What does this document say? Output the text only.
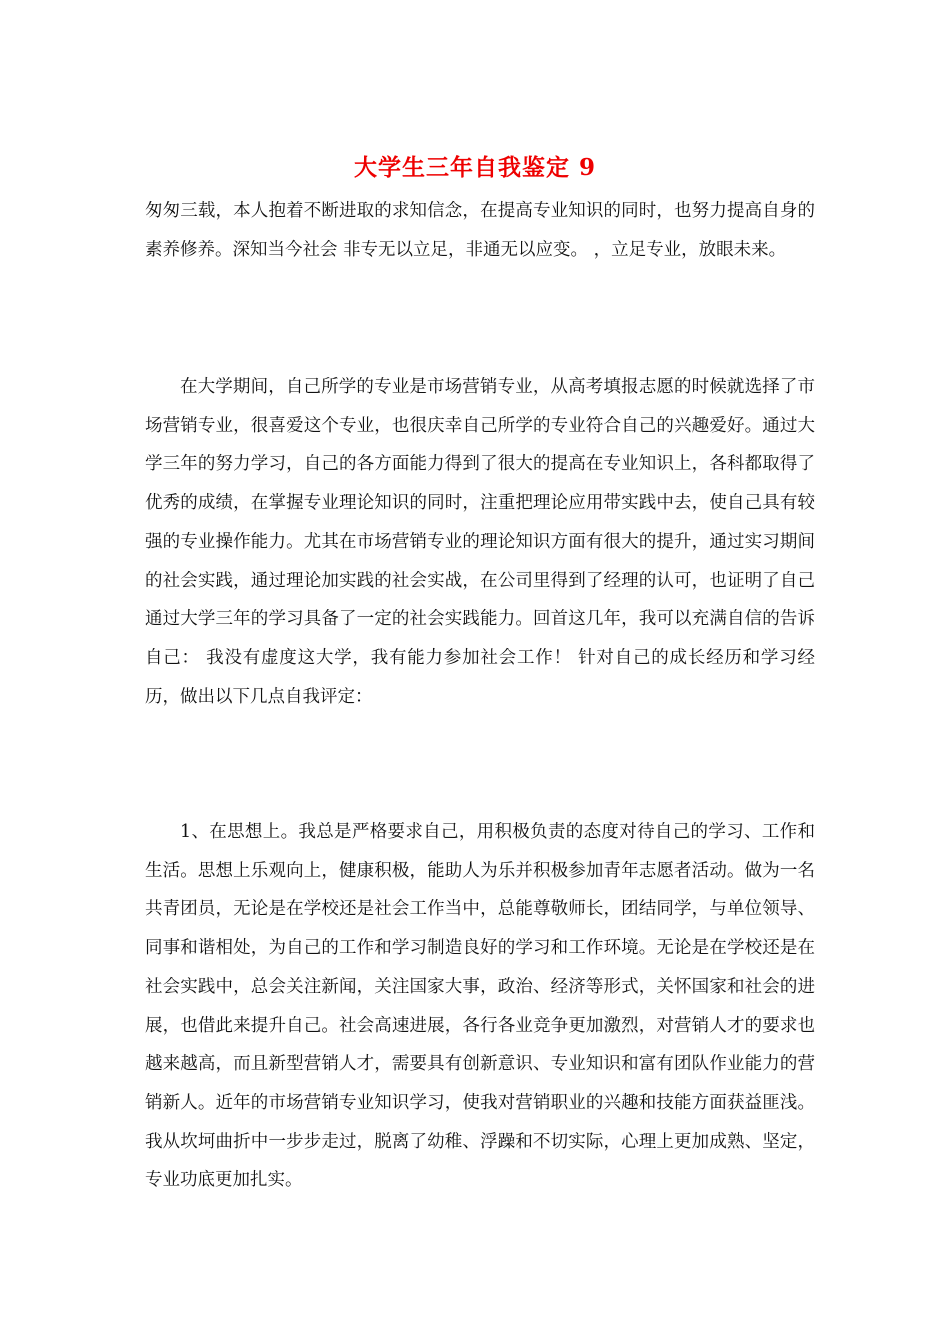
大学生三年自我鉴定 9

匆匆三载，本人抱着不断进取的求知信念，在提高专业知识的同时，也努力提高自身的素养修养。深知当今社会 非专无以立足，非通无以应变。 ，立足专业，放眼未来。

在大学期间，自己所学的专业是市场营销专业，从高考填报志愿的时候就选择了市场营销专业，很喜爱这个专业，也很庆幸自己所学的专业符合自己的兴趣爱好。通过大学三年的努力学习，自己的各方面能力得到了很大的提高在专业知识上，各科都取得了优秀的成绩，在掌握专业理论知识的同时，注重把理论应用带实践中去，使自己具有较强的专业操作能力。尤其在市场营销专业的理论知识方面有很大的提升，通过实习期间的社会实践，通过理论加实践的社会实战，在公司里得到了经理的认可，也证明了自己通过大学三年的学习具备了一定的社会实践能力。回首这几年，我可以充满自信的告诉自己： 我没有虚度这大学，我有能力参加社会工作！ 针对自己的成长经历和学习经历，做出以下几点自我评定：

1、在思想上。我总是严格要求自己，用积极负责的态度对待自己的学习、工作和生活。思想上乐观向上，健康积极，能助人为乐并积极参加青年志愿者活动。做为一名共青团员，无论是在学校还是社会工作当中，总能尊敬师长，团结同学，与单位领导、同事和谐相处，为自己的工作和学习制造良好的学习和工作环境。无论是在学校还是在社会实践中，总会关注新闻，关注国家大事，政治、经济等形式，关怀国家和社会的进展，也借此来提升自己。社会高速进展，各行各业竞争更加激烈，对营销人才的要求也越来越高，而且新型营销人才，需要具有创新意识、专业知识和富有团队作业能力的营销新人。近年的市场营销专业知识学习，使我对营销职业的兴趣和技能方面获益匪浅。我从坎坷曲折中一步步走过，脱离了幼稚、浮躁和不切实际，心理上更加成熟、坚定，专业功底更加扎实。
